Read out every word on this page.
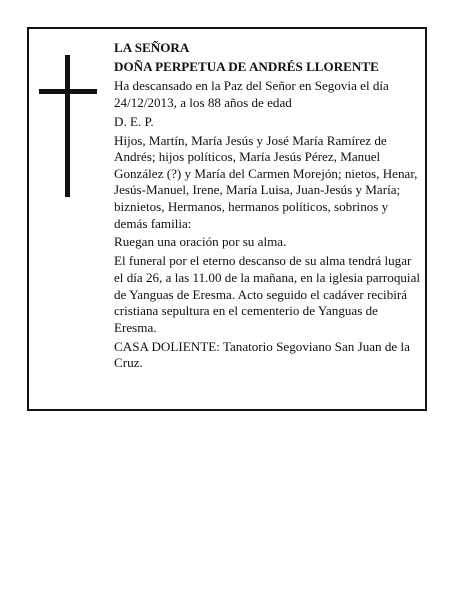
LA SEÑORA

DOÑA PERPETUA DE ANDRÉS LLORENTE

Ha descansado en la Paz del Señor en Segovia el día 24/12/2013, a los 88 años de edad

D. E. P.

Hijos, Martín, María Jesús y José María Ramírez de Andrés; hijos políticos, María Jesús Pérez, Manuel González (?) y María del Carmen Morejón; nietos, Henar, Jesús-Manuel, Irene, María Luisa, Juan-Jesús y María; biznietos, Hermanos, hermanos políticos, sobrinos y demás familia:

Ruegan una oración por su alma.

El funeral por el eterno descanso de su alma tendrá lugar el día 26, a las 11.00 de la mañana, en la iglesia parroquial de Yanguas de Eresma. Acto seguido el cadáver recibirá cristiana sepultura en el cementerio de Yanguas de Eresma.

CASA DOLIENTE: Tanatorio Segoviano San Juan de la Cruz.
